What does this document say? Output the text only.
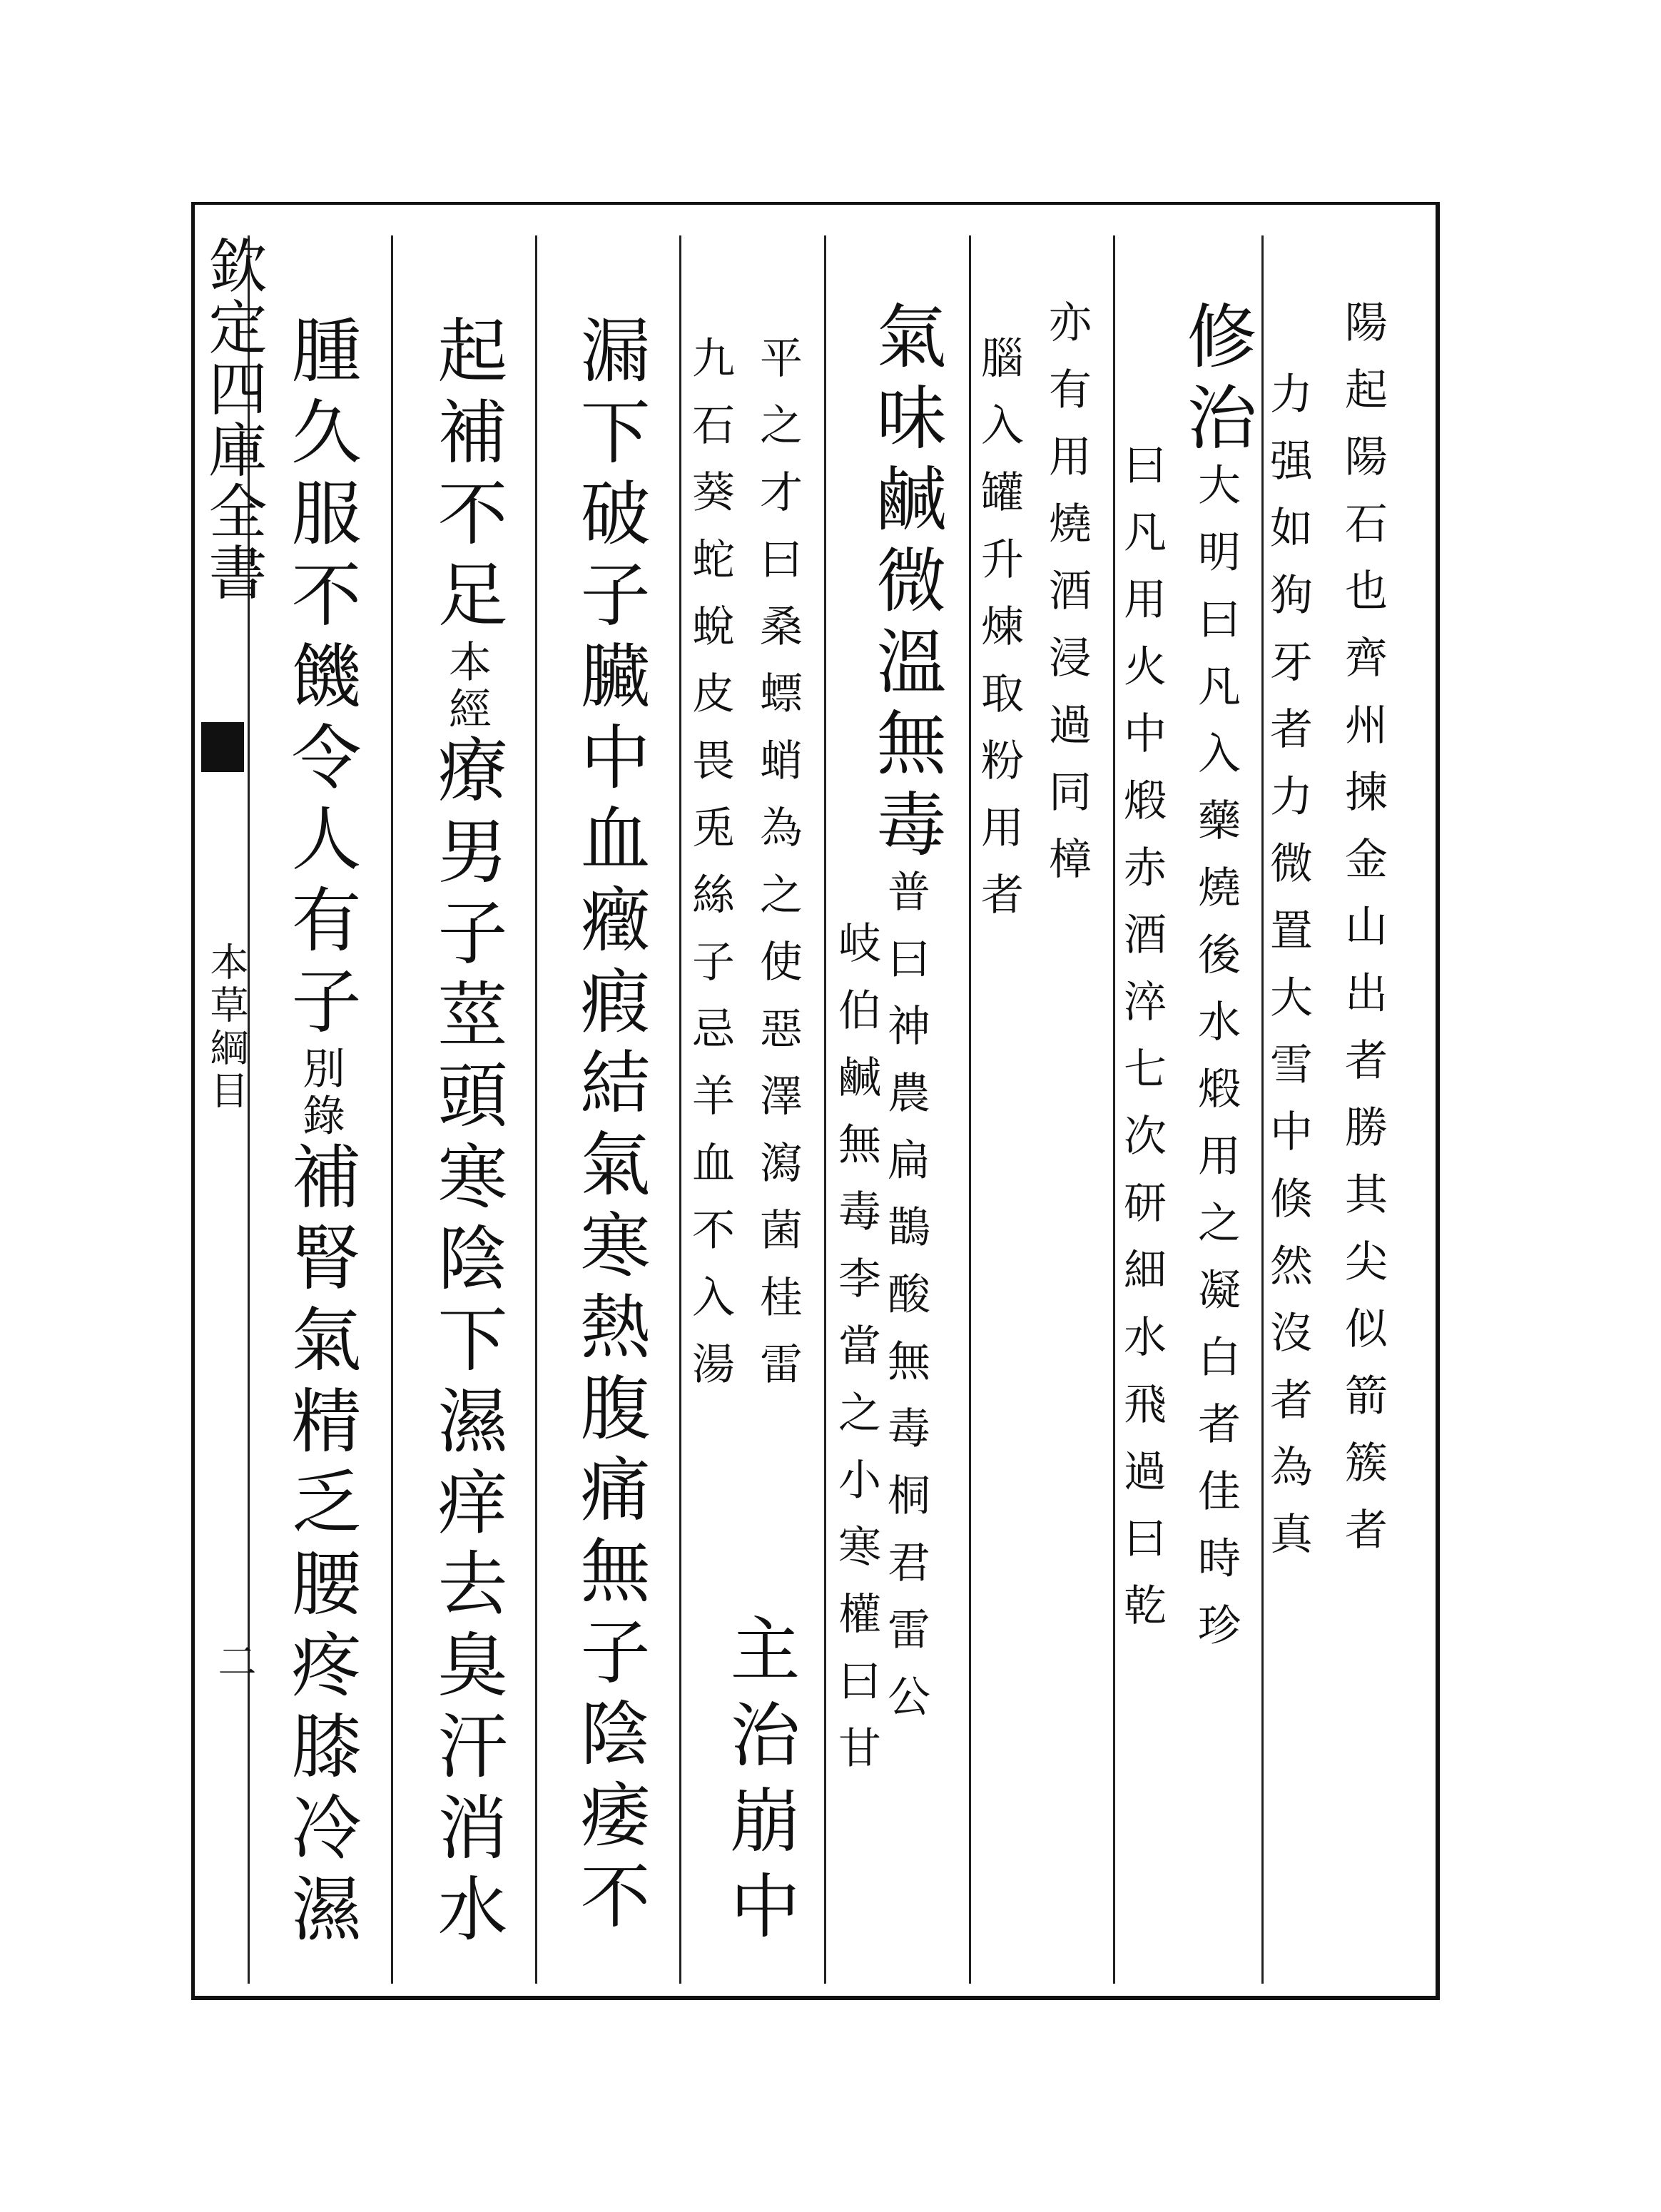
欽定四庫全書
本草綱目
二
陽起陽石也齊州揀金山出者勝其尖似箭簇者
力强如狗牙者力微置大雪中倏然沒者為真
修治大明曰凡入藥燒後水煅用之凝白者佳時珍
曰凡用火中煅赤酒淬七次研細水飛過曰乾
亦有用燒酒浸過同樟
腦入罐升煉取粉用者
氣味鹹微溫無毒普曰神農扁鵲酸無毒桐君雷公
岐伯鹹無毒李當之小寒權曰甘
平之才曰桑螵蛸為之使惡澤瀉菌桂雷
九石葵蛇蛻皮畏兎絲子忌羊血不入湯
主治崩中
漏下破子臟中血癥瘕結氣寒熱腹痛無子陰痿不
起補不足本經療男子莖頭寒陰下濕痒去臭汗消水
腫久服不饑令人有子別錄補腎氣精乏腰疼膝冷濕
